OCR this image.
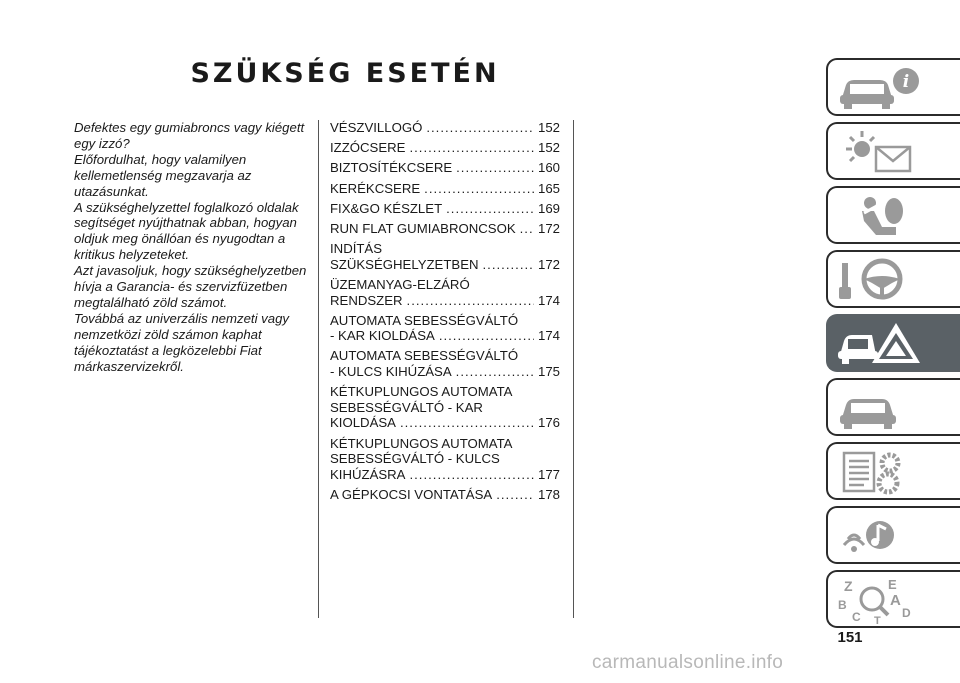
SZÜKSÉG ESETÉN

Defektes egy gumiabroncs vagy kiégett egy izzó?

Előfordulhat, hogy valamilyen kellemetlenség megzavarja az utazásunkat.

A szükséghelyzettel foglalkozó oldalak segítséget nyújthatnak abban, hogyan oldjuk meg önállóan és nyugodtan a kritikus helyzeteket.

Azt javasoljuk, hogy szükséghelyzetben hívja a Garancia- és szervizfüzetben megtalálható zöld számot.

Továbbá az univerzális nemzeti vagy nemzetközi zöld számon kaphat tájékoztatást a legközelebbi Fiat márkaszervizekről.

VÉSZVILLOGÓ .....	152
IZZÓCSERE .....	152
BIZTOSÍTÉKCSERE .....	160
KERÉKCSERE .....	165
FIX&GO KÉSZLET .....	169
RUN FLAT GUMIABRONCSOK ..... 172
INDÍTÁS
SZÜKSÉGHELYZETBEN .....	172
ÜZEMANYAG-ELZÁRÓ
RENDSZER .....	174
AUTOMATA SEBESSÉGVÁLTÓ
- KAR KIOLDÁSA .....	174
AUTOMATA SEBESSÉGVÁLTÓ
- KULCS KIHÚZÁSA .....	175
KÉTKUPLUNGOS AUTOMATA
SEBESSÉGVÁLTÓ - KAR
KIOLDÁSA .....	176
KÉTKUPLUNGOS AUTOMATA
SEBESSÉGVÁLTÓ - KULCS
KIHÚZÁSRA .....	177
A GÉPKOCSI VONTATÁSA .....	178
i
Z	E
B	A
C	D
T
151
carmanualsonline.info
